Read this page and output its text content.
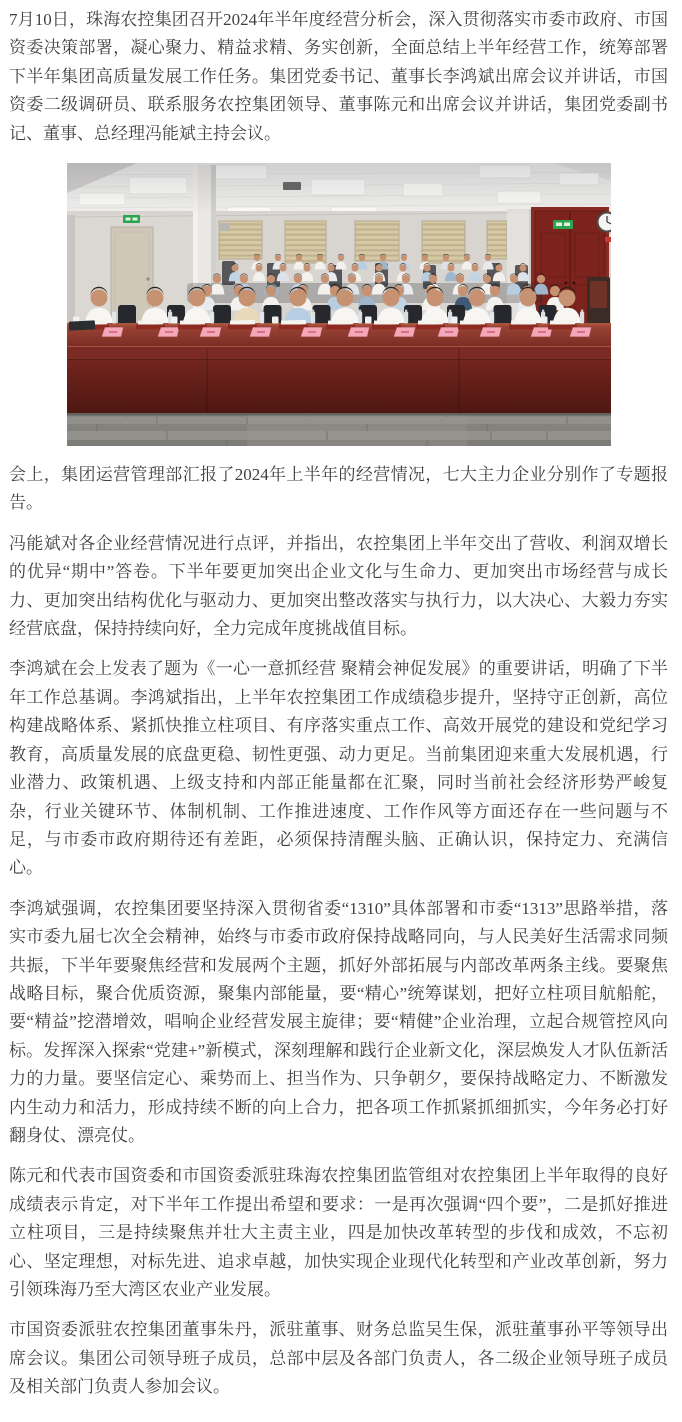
7月10日，珠海农控集团召开2024年半年度经营分析会，深入贯彻落实市委市政府、市国资委决策部署，凝心聚力、精益求精、务实创新，全面总结上半年经营工作，统筹部署下半年集团高质量发展工作任务。集团党委书记、董事长李鸿斌出席会议并讲话，市国资委二级调研员、联系服务农控集团领导、董事陈元和出席会议并讲话，集团党委副书记、董事、总经理冯能斌主持会议。

会上，集团运营管理部汇报了2024年上半年的经营情况，七大主力企业分别作了专题报告。

冯能斌对各企业经营情况进行点评，并指出，农控集团上半年交出了营收、利润双增长的优异“期中”答卷。下半年要更加突出企业文化与生命力、更加突出市场经营与成长力、更加突出结构优化与驱动力、更加突出整改落实与执行力，以大决心、大毅力夯实经营底盘，保持持续向好，全力完成年度挑战值目标。

李鸿斌在会上发表了题为《一心一意抓经营 聚精会神促发展》的重要讲话，明确了下半年工作总基调。李鸿斌指出，上半年农控集团工作成绩稳步提升，坚持守正创新，高位构建战略体系、紧抓快推立柱项目、有序落实重点工作、高效开展党的建设和党纪学习教育，高质量发展的底盘更稳、韧性更强、动力更足。当前集团迎来重大发展机遇，行业潜力、政策机遇、上级支持和内部正能量都在汇聚，同时当前社会经济形势严峻复杂，行业关键环节、体制机制、工作推进速度、工作作风等方面还存在一些问题与不足，与市委市政府期待还有差距，必须保持清醒头脑、正确认识，保持定力、充满信心。

李鸿斌强调，农控集团要坚持深入贯彻省委“1310”具体部署和市委“1313”思路举措，落实市委九届七次全会精神，始终与市委市政府保持战略同向，与人民美好生活需求同频共振，下半年要聚焦经营和发展两个主题，抓好外部拓展与内部改革两条主线。要聚焦战略目标，聚合优质资源，聚集内部能量，要“精心”统筹谋划，把好立柱项目航船舵，要“精益”挖潜增效，唱响企业经营发展主旋律；要“精健”企业治理，立起合规管控风向标。发挥深入探索“党建+”新模式，深刻理解和践行企业新文化，深层焕发人才队伍新活力的力量。要坚信定心、乘势而上、担当作为、只争朝夕，要保持战略定力、不断激发内生动力和活力，形成持续不断的向上合力，把各项工作抓紧抓细抓实，今年务必打好翻身仗、漂亮仗。

陈元和代表市国资委和市国资委派驻珠海农控集团监管组对农控集团上半年取得的良好成绩表示肯定，对下半年工作提出希望和要求：一是再次强调“四个要”，二是抓好推进立柱项目，三是持续聚焦并壮大主责主业，四是加快改革转型的步伐和成效，不忘初心、坚定理想，对标先进、追求卓越，加快实现企业现代化转型和产业改革创新，努力引领珠海乃至大湾区农业产业发展。

市国资委派驻农控集团董事朱丹，派驻董事、财务总监吴生保，派驻董事孙平等领导出席会议。集团公司领导班子成员，总部中层及各部门负责人，各二级企业领导班子成员及相关部门负责人参加会议。
